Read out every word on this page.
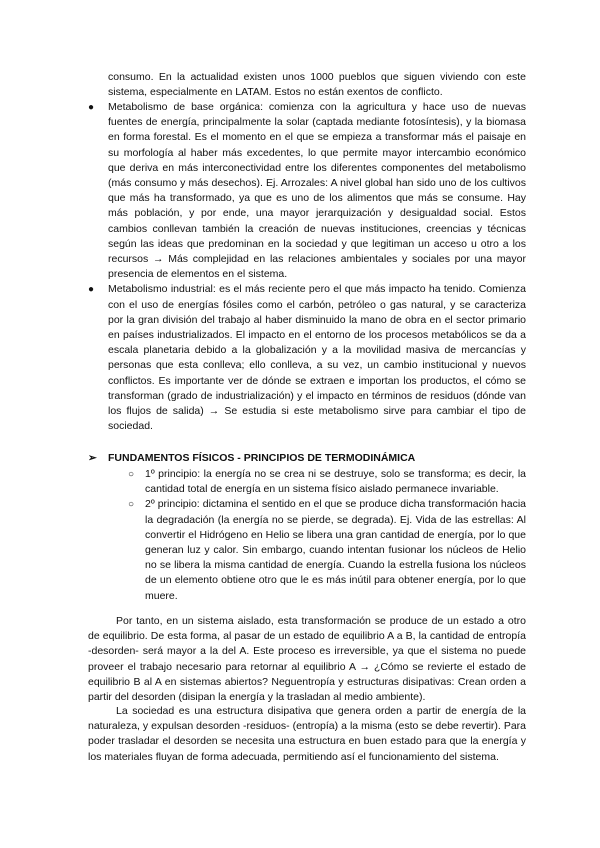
consumo. En la actualidad existen unos 1000 pueblos que siguen viviendo con este sistema, especialmente en LATAM. Estos no están exentos de conflicto.

● Metabolismo de base orgánica: comienza con la agricultura y hace uso de nuevas fuentes de energía, principalmente la solar (captada mediante fotosíntesis), y la biomasa en forma forestal. Es el momento en el que se empieza a transformar más el paisaje en su morfología al haber más excedentes, lo que permite mayor intercambio económico que deriva en más interconectividad entre los diferentes componentes del metabolismo (más consumo y más desechos). Ej. Arrozales: A nivel global han sido uno de los cultivos que más ha transformado, ya que es uno de los alimentos que más se consume. Hay más población, y por ende, una mayor jerarquización y desigualdad social. Estos cambios conllevan también la creación de nuevas instituciones, creencias y técnicas según las ideas que predominan en la sociedad y que legitiman un acceso u otro a los recursos → Más complejidad en las relaciones ambientales y sociales por una mayor presencia de elementos en el sistema.

● Metabolismo industrial: es el más reciente pero el que más impacto ha tenido. Comienza con el uso de energías fósiles como el carbón, petróleo o gas natural, y se caracteriza por la gran división del trabajo al haber disminuido la mano de obra en el sector primario en países industrializados. El impacto en el entorno de los procesos metabólicos se da a escala planetaria debido a la globalización y a la movilidad masiva de mercancías y personas que esta conlleva; ello conlleva, a su vez, un cambio institucional y nuevos conflictos. Es importante ver de dónde se extraen e importan los productos, el cómo se transforman (grado de industrialización) y el impacto en términos de residuos (dónde van los flujos de salida) → Se estudia si este metabolismo sirve para cambiar el tipo de sociedad.

➢ FUNDAMENTOS FÍSICOS - PRINCIPIOS DE TERMODINÁMICA
○ 1º principio: la energía no se crea ni se destruye, solo se transforma; es decir, la cantidad total de energía en un sistema físico aislado permanece invariable.

○ 2º principio: dictamina el sentido en el que se produce dicha transformación hacia la degradación (la energía no se pierde, se degrada). Ej. Vida de las estrellas: Al convertir el Hidrógeno en Helio se libera una gran cantidad de energía, por lo que generan luz y calor. Sin embargo, cuando intentan fusionar los núcleos de Helio no se libera la misma cantidad de energía. Cuando la estrella fusiona los núcleos de un elemento obtiene otro que le es más inútil para obtener energía, por lo que muere.

Por tanto, en un sistema aislado, esta transformación se produce de un estado a otro de equilibrio. De esta forma, al pasar de un estado de equilibrio A a B, la cantidad de entropía -desorden- será mayor a la del A. Este proceso es irreversible, ya que el sistema no puede proveer el trabajo necesario para retornar al equilibrio A → ¿Cómo se revierte el estado de equilibrio B al A en sistemas abiertos? Neguentropía y estructuras disipativas: Crean orden a partir del desorden (disipan la energía y la trasladan al medio ambiente).

La sociedad es una estructura disipativa que genera orden a partir de energía de la naturaleza, y expulsan desorden -residuos- (entropía) a la misma (esto se debe revertir). Para poder trasladar el desorden se necesita una estructura en buen estado para que la energía y los materiales fluyan de forma adecuada, permitiendo así el funcionamiento del sistema.
